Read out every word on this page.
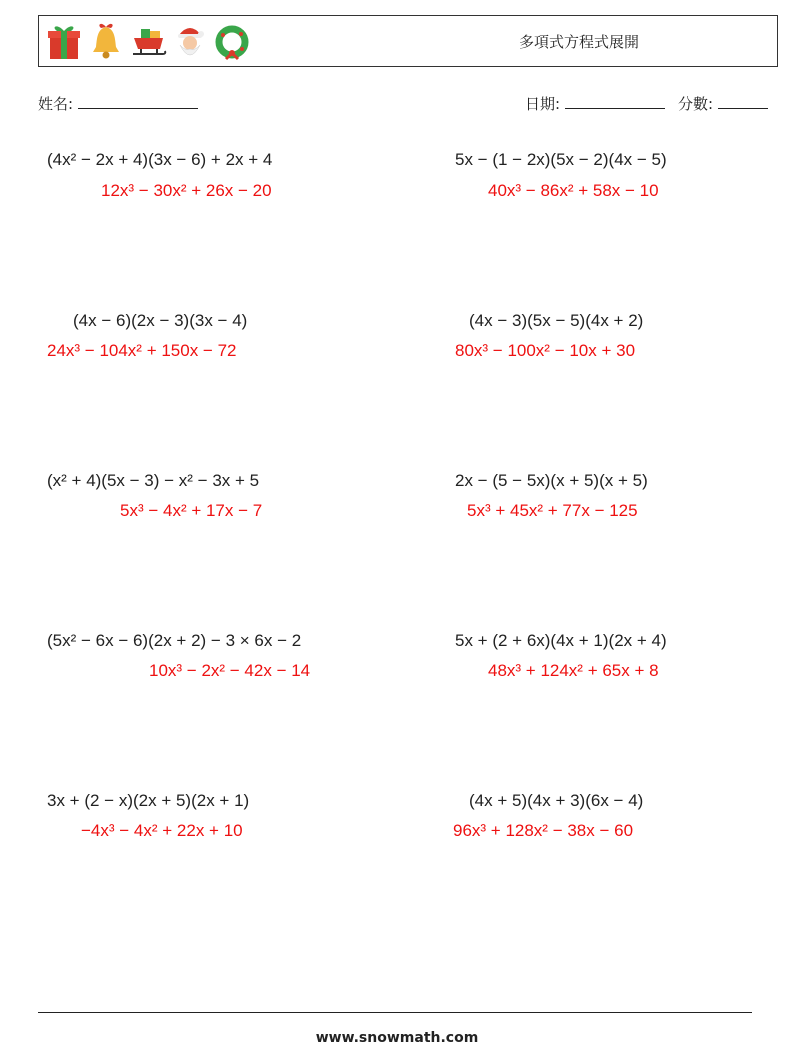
多項式方程式展開
姓名:	日期:	分數:
(4x² − 2x + 4)(3x − 6) + 2x + 4
12x³ − 30x² + 26x − 20
5x − (1 − 2x)(5x − 2)(4x − 5)
40x³ − 86x² + 58x − 10
(4x − 6)(2x − 3)(3x − 4)
24x³ − 104x² + 150x − 72
(4x − 3)(5x − 5)(4x + 2)
80x³ − 100x² − 10x + 30
(x² + 4)(5x − 3) − x² − 3x + 5
5x³ − 4x² + 17x − 7
2x − (5 − 5x)(x + 5)(x + 5)
5x³ + 45x² + 77x − 125
(5x² − 6x − 6)(2x + 2) − 3 × 6x − 2
10x³ − 2x² − 42x − 14
5x + (2 + 6x)(4x + 1)(2x + 4)
48x³ + 124x² + 65x + 8
3x + (2 − x)(2x + 5)(2x + 1)
−4x³ − 4x² + 22x + 10
(4x + 5)(4x + 3)(6x − 4)
96x³ + 128x² − 38x − 60
www.snowmath.com
